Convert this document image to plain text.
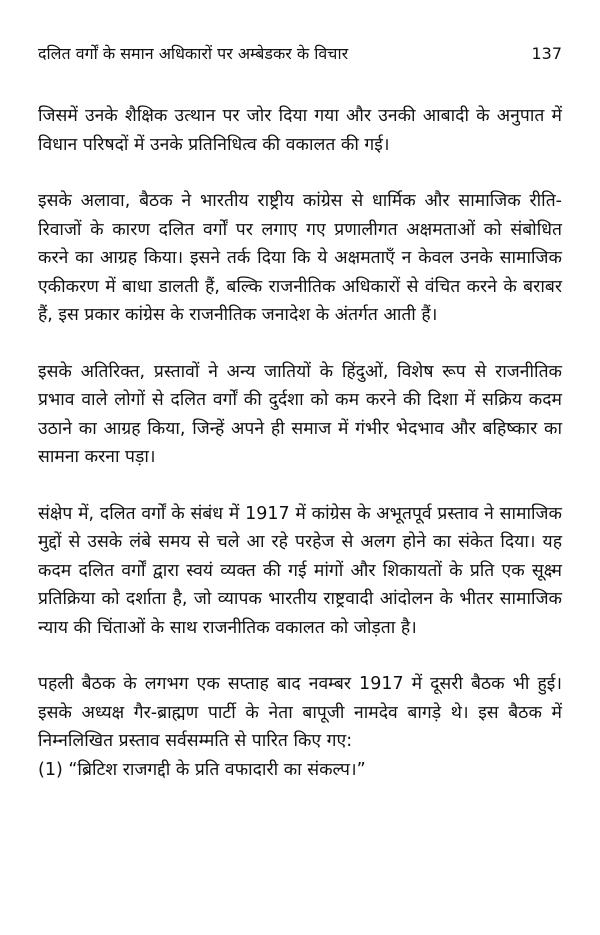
दलित वर्गों के समान अधिकारों पर अम्बेडकर के विचार	137

जिसमें उनके शैक्षिक उत्थान पर जोर दिया गया और उनकी आबादी के अनुपात में विधान परिषदों में उनके प्रतिनिधित्व की वकालत की गई।

इसके अलावा, बैठक ने भारतीय राष्ट्रीय कांग्रेस से धार्मिक और सामाजिक रीति-रिवाजों के कारण दलित वर्गों पर लगाए गए प्रणालीगत अक्षमताओं को संबोधित करने का आग्रह किया। इसने तर्क दिया कि ये अक्षमताएँ न केवल उनके सामाजिक एकीकरण में बाधा डालती हैं, बल्कि राजनीतिक अधिकारों से वंचित करने के बराबर हैं, इस प्रकार कांग्रेस के राजनीतिक जनादेश के अंतर्गत आती हैं।

इसके अतिरिक्त, प्रस्तावों ने अन्य जातियों के हिंदुओं, विशेष रूप से राजनीतिक प्रभाव वाले लोगों से दलित वर्गों की दुर्दशा को कम करने की दिशा में सक्रिय कदम उठाने का आग्रह किया, जिन्हें अपने ही समाज में गंभीर भेदभाव और बहिष्कार का सामना करना पड़ा।

संक्षेप में, दलित वर्गों के संबंध में 1917 में कांग्रेस के अभूतपूर्व प्रस्ताव ने सामाजिक मुद्दों से उसके लंबे समय से चले आ रहे परहेज से अलग होने का संकेत दिया। यह कदम दलित वर्गों द्वारा स्वयं व्यक्त की गई मांगों और शिकायतों के प्रति एक सूक्ष्म प्रतिक्रिया को दर्शाता है, जो व्यापक भारतीय राष्ट्रवादी आंदोलन के भीतर सामाजिक न्याय की चिंताओं के साथ राजनीतिक वकालत को जोड़ता है।

पहली बैठक के लगभग एक सप्ताह बाद नवम्बर 1917 में दूसरी बैठक भी हुई। इसके अध्यक्ष गैर-ब्राह्मण पार्टी के नेता बापूजी नामदेव बागड़े थे। इस बैठक में निम्नलिखित प्रस्ताव सर्वसम्मति से पारित किए गए:

(1) “ब्रिटिश राजगद्दी के प्रति वफादारी का संकल्प।”
